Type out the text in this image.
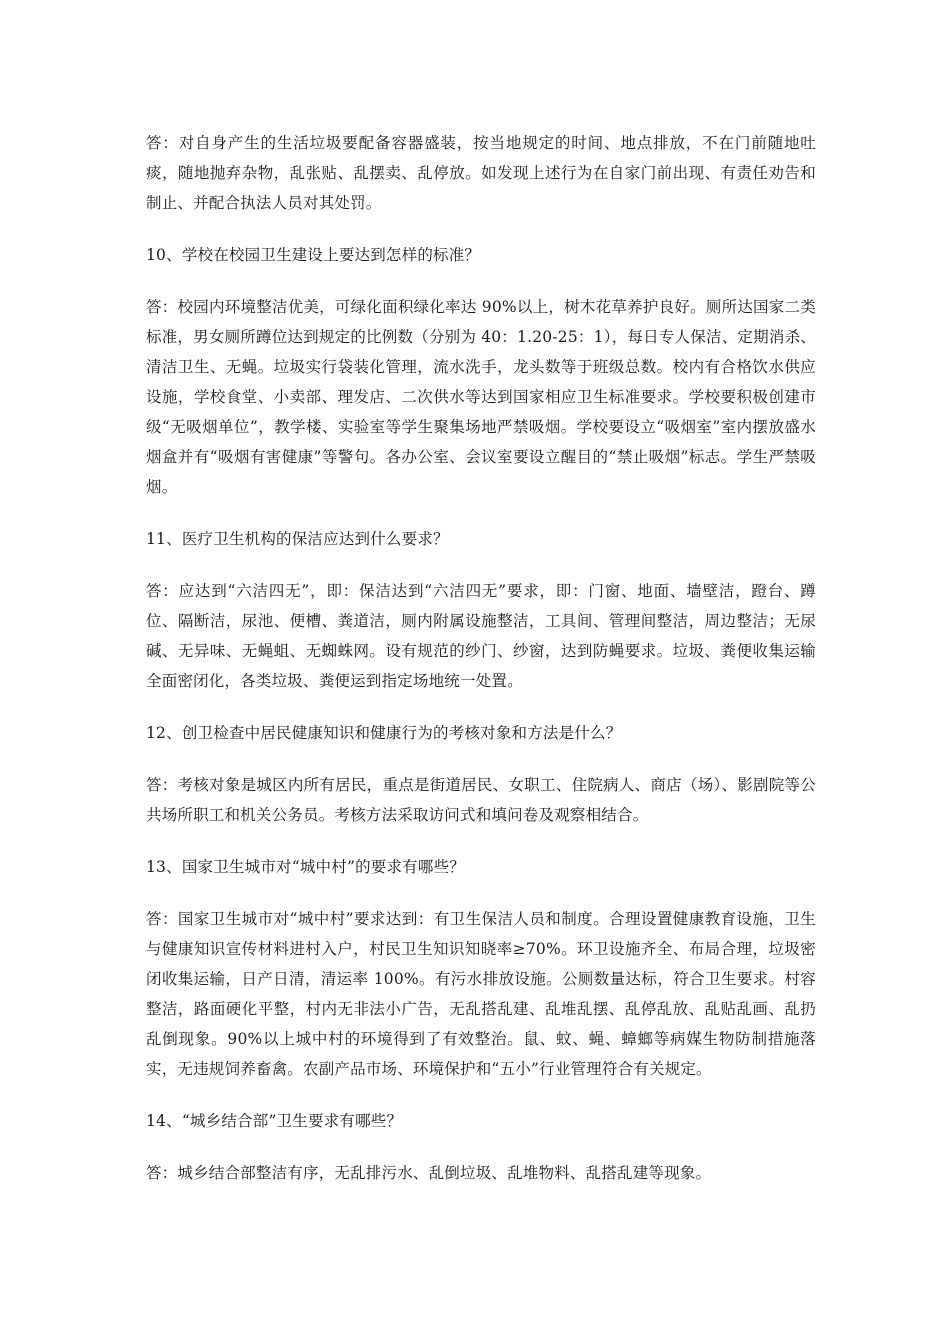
答：对自身产生的生活垃圾要配备容器盛装，按当地规定的时间、地点排放，不在门前随地吐痰，随地抛弃杂物，乱张贴、乱摆卖、乱停放。如发现上述行为在自家门前出现、有责任劝告和制止、并配合执法人员对其处罚。

10、学校在校园卫生建设上要达到怎样的标准？

答：校园内环境整洁优美，可绿化面积绿化率达 90%以上，树木花草养护良好。厕所达国家二类标准，男女厕所蹲位达到规定的比例数（分别为 40：1.20-25：1），每日专人保洁、定期消杀、清洁卫生、无蝇。垃圾实行袋装化管理，流水洗手，龙头数等于班级总数。校内有合格饮水供应设施，学校食堂、小卖部、理发店、二次供水等达到国家相应卫生标准要求。学校要积极创建市级“无吸烟单位”，教学楼、实验室等学生聚集场地严禁吸烟。学校要设立“吸烟室”室内摆放盛水烟盒并有“吸烟有害健康”等警句。各办公室、会议室要设立醒目的“禁止吸烟”标志。学生严禁吸烟。

11、医疗卫生机构的保洁应达到什么要求？

答：应达到“六洁四无”，即：保洁达到“六洁四无”要求，即：门窗、地面、墙壁洁，蹬台、蹲位、隔断洁，尿池、便槽、粪道洁，厕内附属设施整洁，工具间、管理间整洁，周边整洁；无尿碱、无异味、无蝇蛆、无蜘蛛网。设有规范的纱门、纱窗，达到防蝇要求。垃圾、粪便收集运输全面密闭化，各类垃圾、粪便运到指定场地统一处置。

12、创卫检查中居民健康知识和健康行为的考核对象和方法是什么？

答：考核对象是城区内所有居民，重点是街道居民、女职工、住院病人、商店（场）、影剧院等公共场所职工和机关公务员。考核方法采取访问式和填问卷及观察相结合。

13、国家卫生城市对“城中村”的要求有哪些？

答：国家卫生城市对“城中村”要求达到：有卫生保洁人员和制度。合理设置健康教育设施，卫生与健康知识宣传材料进村入户，村民卫生知识知晓率≥70%。环卫设施齐全、布局合理，垃圾密闭收集运输，日产日清，清运率 100%。有污水排放设施。公厕数量达标，符合卫生要求。村容整洁，路面硬化平整，村内无非法小广告，无乱搭乱建、乱堆乱摆、乱停乱放、乱贴乱画、乱扔乱倒现象。90%以上城中村的环境得到了有效整治。鼠、蚊、蝇、蟑螂等病媒生物防制措施落实，无违规饲养畜禽。农副产品市场、环境保护和“五小”行业管理符合有关规定。

14、“城乡结合部”卫生要求有哪些？

答：城乡结合部整洁有序，无乱排污水、乱倒垃圾、乱堆物料、乱搭乱建等现象。
